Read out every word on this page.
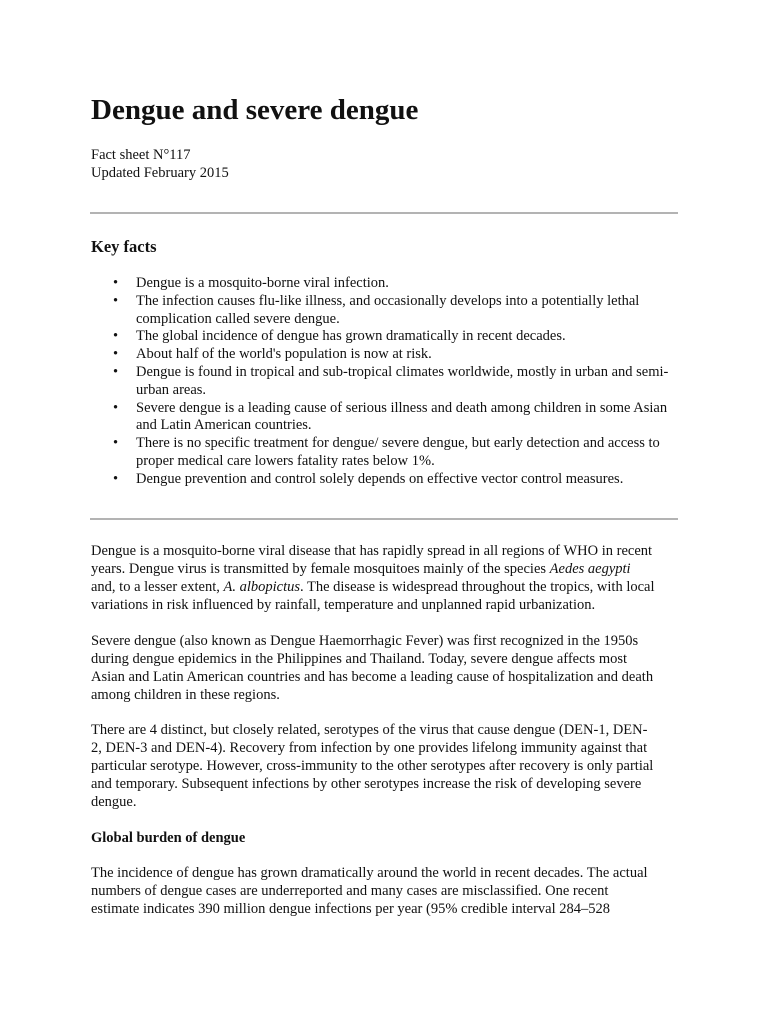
Dengue and severe dengue
Fact sheet N°117
Updated February 2015
Key facts
• Dengue is a mosquito-borne viral infection.
• The infection causes flu-like illness, and occasionally develops into a potentially lethal complication called severe dengue.
• The global incidence of dengue has grown dramatically in recent decades.
• About half of the world's population is now at risk.
• Dengue is found in tropical and sub-tropical climates worldwide, mostly in urban and semi-urban areas.
• Severe dengue is a leading cause of serious illness and death among children in some Asian and Latin American countries.
• There is no specific treatment for dengue/ severe dengue, but early detection and access to proper medical care lowers fatality rates below 1%.
• Dengue prevention and control solely depends on effective vector control measures.

Dengue is a mosquito-borne viral disease that has rapidly spread in all regions of WHO in recent
years. Dengue virus is transmitted by female mosquitoes mainly of the species Aedes aegypti
and, to a lesser extent, A. albopictus. The disease is widespread throughout the tropics, with local
variations in risk influenced by rainfall, temperature and unplanned rapid urbanization.

Severe dengue (also known as Dengue Haemorrhagic Fever) was first recognized in the 1950s
during dengue epidemics in the Philippines and Thailand. Today, severe dengue affects most
Asian and Latin American countries and has become a leading cause of hospitalization and death
among children in these regions.

There are 4 distinct, but closely related, serotypes of the virus that cause dengue (DEN-1, DEN-
2, DEN-3 and DEN-4). Recovery from infection by one provides lifelong immunity against that
particular serotype. However, cross-immunity to the other serotypes after recovery is only partial
and temporary. Subsequent infections by other serotypes increase the risk of developing severe
dengue.

Global burden of dengue

The incidence of dengue has grown dramatically around the world in recent decades. The actual
numbers of dengue cases are underreported and many cases are misclassified. One recent
estimate indicates 390 million dengue infections per year (95% credible interval 284–528
